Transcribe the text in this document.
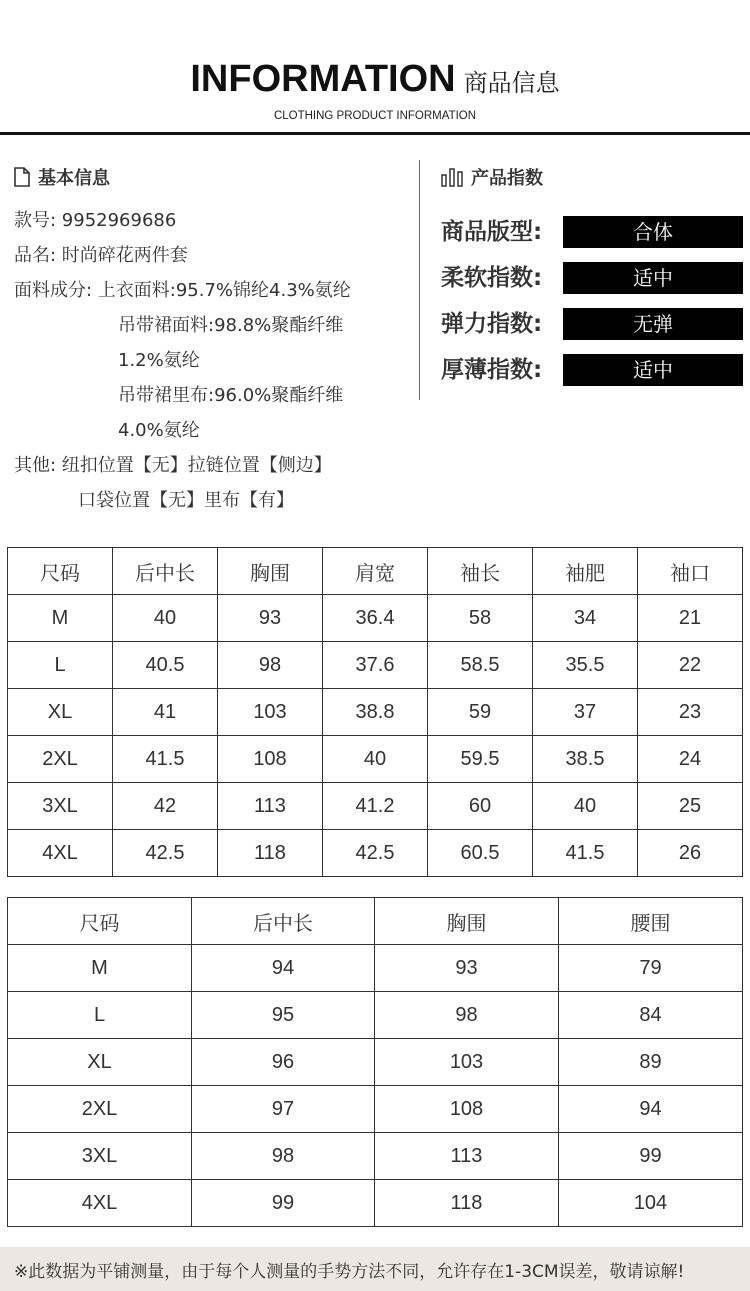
INFORMATION 商品信息
CLOTHING PRODUCT INFORMATION
基本信息
款号: 9952969686
品名: 时尚碎花两件套
面料成分: 上衣面料:95.7%锦纶4.3%氨纶
吊带裙面料:98.8%聚酯纤维
1.2%氨纶
吊带裙里布:96.0%聚酯纤维
4.0%氨纶
其他: 纽扣位置【无】拉链位置【侧边】
口袋位置【无】里布【有】
产品指数
商品版型:	合体
柔软指数:	适中
弹力指数:	无弹
厚薄指数:	适中
尺码	后中长	胸围	肩宽	袖长	袖肥	袖口
M	40	93	36.4	58	34	21
L	40.5	98	37.6	58.5	35.5	22
XL	41	103	38.8	59	37	23
2XL	41.5	108	40	59.5	38.5	24
3XL	42	113	41.2	60	40	25
4XL	42.5	118	42.5	60.5	41.5	26
尺码	后中长	胸围	腰围
M	94	93	79
L	95	98	84
XL	96	103	89
2XL	97	108	94
3XL	98	113	99
4XL	99	118	104
※此数据为平铺测量，由于每个人测量的手势方法不同，允许存在1-3CM误差，敬请谅解!
